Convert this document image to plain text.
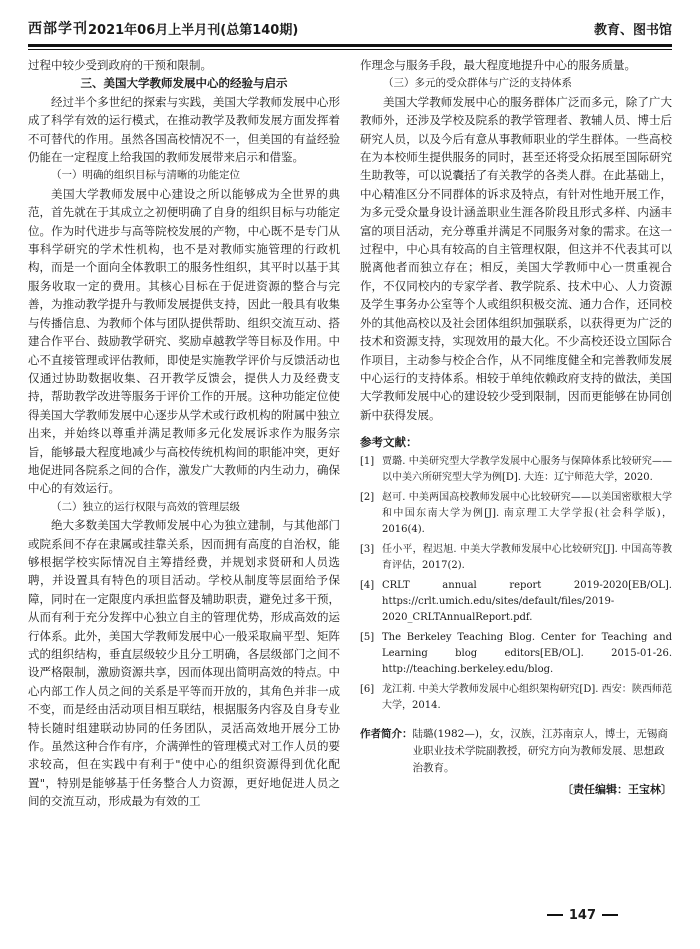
西部学刊 2021年06月上半月刊(总第140期)	教育、图书馆

过程中较少受到政府的干预和限制。

三、美国大学教师发展中心的经验与启示

经过半个多世纪的探索与实践，美国大学教师发展中心形成了科学有效的运行模式，在推动教学及教师发展方面发挥着不可替代的作用。虽然各国高校情况不一，但美国的有益经验仍能在一定程度上给我国的教师发展带来启示和借鉴。

（一）明确的组织目标与清晰的功能定位

美国大学教师发展中心建设之所以能够成为全世界的典范，首先就在于其成立之初便明确了自身的组织目标与功能定位。作为时代进步与高等院校发展的产物，中心既不是专门从事科学研究的学术性机构，也不是对教师实施管理的行政机构，而是一个面向全体教职工的服务性组织，其平时以基于其服务收取一定的费用。其核心目标在于促进资源的整合与完善，为推动教学提升与教师发展提供支持，因此一般具有收集与传播信息、为教师个体与团队提供帮助、组织交流互动、搭建合作平台、鼓励教学研究、奖励卓越教学等目标及作用。中心不直接管理或评估教师，即使是实施教学评价与反馈活动也仅通过协助数据收集、召开教学反馈会，提供人力及经费支持，帮助教学改进等服务于评价工作的开展。这种功能定位使得美国大学教师发展中心逐步从学术或行政机构的附属中独立出来，并始终以尊重并满足教师多元化发展诉求作为服务宗旨，能够最大程度地减少与高校传统机构间的职能冲突，更好地促进同各院系之间的合作，激发广大教师的内生动力，确保中心的有效运行。

（二）独立的运行权限与高效的管理层级

绝大多数美国大学教师发展中心为独立建制，与其他部门或院系间不存在隶属或挂靠关系，因而拥有高度的自治权，能够根据学校实际情况自主筹措经费，并规划求贤研和人员选聘，并设置具有特色的项目活动。学校从制度等层面给予保障，同时在一定限度内承担监督及辅助职责，避免过多干预，从而有利于充分发挥中心独立自主的管理优势，形成高效的运行体系。此外，美国大学教师发展中心一般采取扁平型、矩阵式的组织结构，垂直层级较少且分工明确，各层级部门之间不设严格限制，激励资源共享，因而体现出简明高效的特点。中心内部工作人员之间的关系是平等而开放的，其角色并非一成不变，而是经由活动项目相互联结，根据服务内容及自身专业特长随时组建联动协同的任务团队，灵活高效地开展分工协作。虽然这种合作有序，介满弹性的管理模式对工作人员的要求较高，但在实践中有利于"使中心的组织资源得到优化配置"，特别是能够基于任务整合人力资源，更好地促进人员之间的交流互动，形成最为有效的工

作理念与服务手段，最大程度地提升中心的服务质量。

（三）多元的受众群体与广泛的支持体系

美国大学教师发展中心的服务群体广泛而多元，除了广大教师外，还涉及学校及院系的教学管理者、教辅人员、博士后研究人员，以及今后有意从事教师职业的学生群体。一些高校在为本校师生提供服务的同时，甚至还将受众拓展至国际研究生助教等，可以说囊括了有关教学的各类人群。在此基础上，中心精准区分不同群体的诉求及特点，有针对性地开展工作，为多元受众量身设计涵盖职业生涯各阶段且形式多样、内涵丰富的项目活动，充分尊重并满足不同服务对象的需求。在这一过程中，中心具有较高的自主管理权限，但这并不代表其可以脱离他者而独立存在；相反，美国大学教师中心一贯重视合作，不仅同校内的专家学者、教学院系、技术中心、人力资源及学生事务办公室等个人或组织积极交流、通力合作，还同校外的其他高校以及社会团体组织加强联系，以获得更为广泛的技术和资源支持，实现效用的最大化。不少高校还设立国际合作项目，主动参与校企合作，从不同维度健全和完善教师发展中心运行的支持体系。相较于单纯依赖政府支持的做法，美国大学教师发展中心的建设较少受到限制，因而更能够在协同创新中获得发展。

参考文献：
[1] 贾璐. 中美研究型大学教学发展中心服务与保障体系比较研究——以中美六所研究型大学为例[D]. 大连：辽宁师范大学，2020.
[2] 赵可. 中美两国高校教师发展中心比较研究——以美国密歇根大学和中国东南大学为例[J]. 南京理工大学学报(社会科学版)，2016(4).
[3] 任小平，程迟旭. 中美大学教师发展中心比较研究[J]. 中国高等教育评估，2017(2).
[4] CRLT annual report 2019-2020[EB/OL]. https://crlt.umich.edu/sites/default/files/2019-2020_CRLTAnnualReport.pdf.
[5] The Berkeley Teaching Blog. Center for Teaching and Learning blog editors[EB/OL]. 2015-01-26. http://teaching.berkeley.edu/blog.
[6] 龙江莉. 中美大学教师发展中心组织架构研究[D]. 西安：陕西师范大学，2014.
作者简介： 陆璐(1982—)，女，汉族，江苏南京人，博士，无锡商业职业技术学院副教授，研究方向为教师发展、思想政治教育。
〔责任编辑：王宝林〕
147
